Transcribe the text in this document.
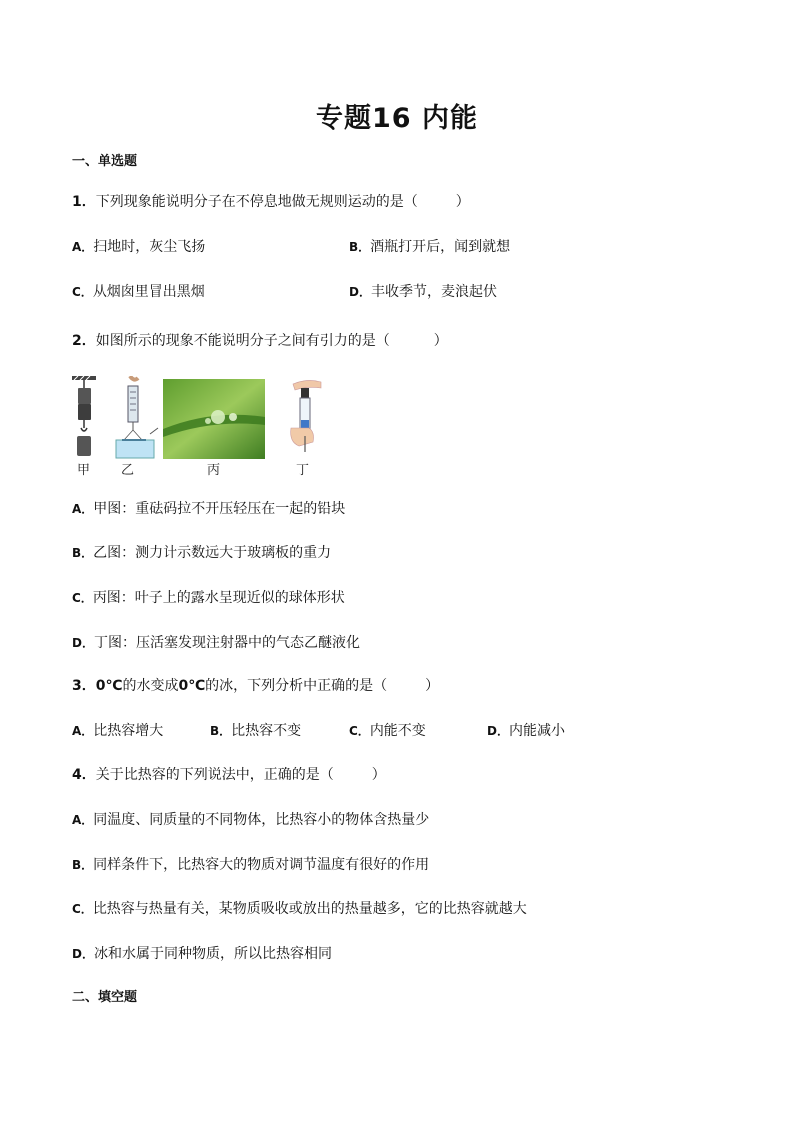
专题16 内能
一、单选题
1．下列现象能说明分子在不停息地做无规则运动的是（	）
A．扫地时，灰尘飞扬	B．酒瓶打开后，闻到就想
C．从烟囱里冒出黑烟	D．丰收季节，麦浪起伏
2．如图所示的现象不能说明分子之间有引力的是（	）
甲 乙	丙	丁
A．甲图：重砝码拉不开压轻压在一起的铅块
B．乙图：测力计示数远大于玻璃板的重力
C．丙图：叶子上的露水呈现近似的球体形状
D．丁图：压活塞发现注射器中的气态乙醚液化
3．0℃的水变成0℃的冰，下列分析中正确的是（	）
A．比热容增大	B．比热容不变	C．内能不变	D．内能减小
4．关于比热容的下列说法中，正确的是（	）
A．同温度、同质量的不同物体，比热容小的物体含热量少
B．同样条件下，比热容大的物质对调节温度有很好的作用
C．比热容与热量有关，某物质吸收或放出的热量越多，它的比热容就越大
D．冰和水属于同种物质，所以比热容相同
二、填空题
